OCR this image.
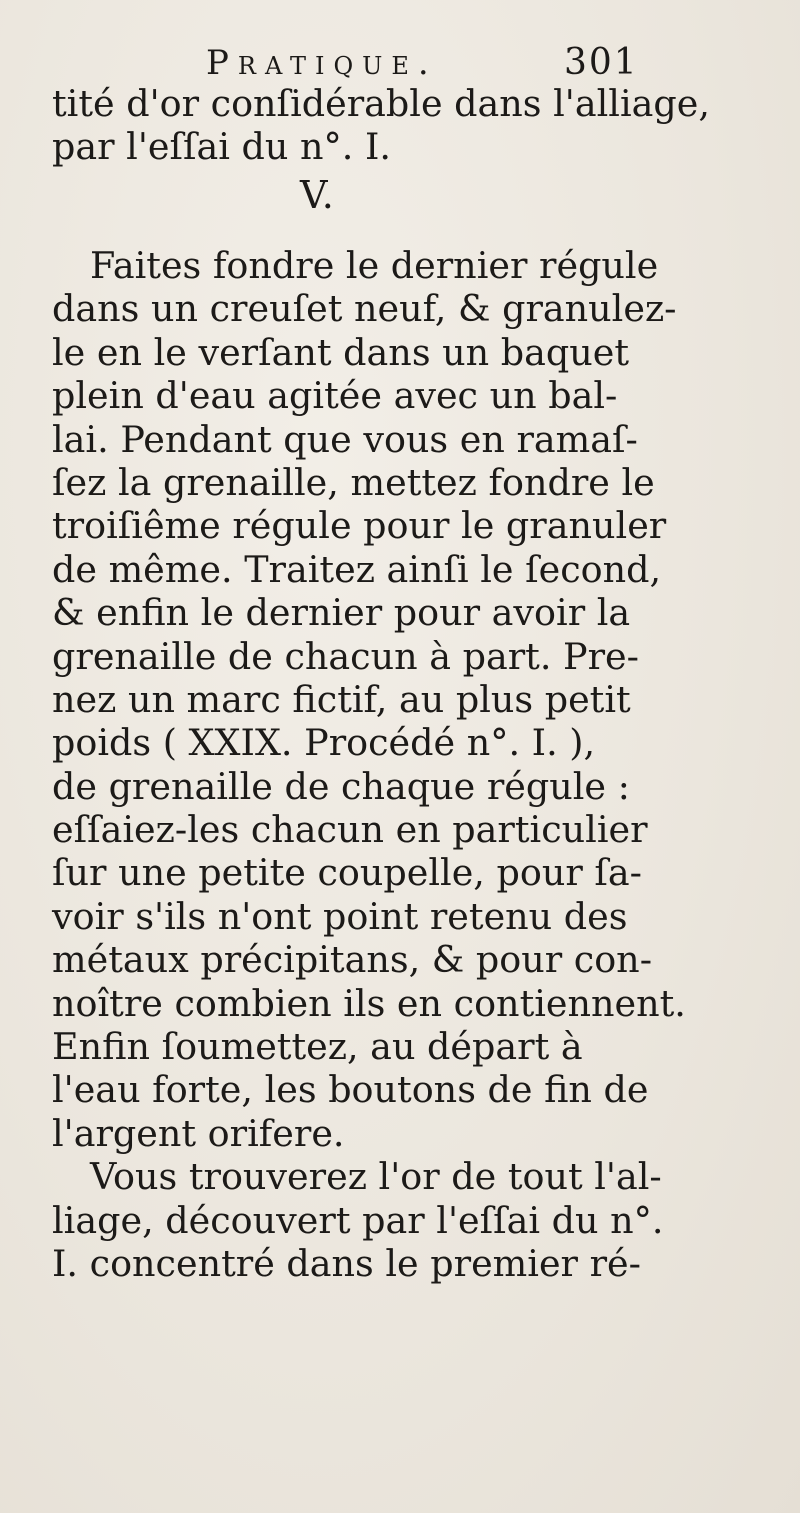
Pratique.	301
tité d'or conſidérable dans l'alliage,
par l'eſſai du n°. I.
V.
Faites fondre le dernier régule
dans un creuſet neuf, & granulez-
le en le verſant dans un baquet
plein d'eau agitée avec un bal-
lai. Pendant que vous en ramaſ-
ſez la grenaille, mettez fondre le
troiſiême régule pour le granuler
de même. Traitez ainſi le ſecond,
& enfin le dernier pour avoir la
grenaille de chacun à part. Pre-
nez un marc fictif, au plus petit
poids ( XXIX. Procédé n°. I. ),
de grenaille de chaque régule :
eſſaiez-les chacun en particulier
ſur une petite coupelle, pour ſa-
voir s'ils n'ont point retenu des
métaux précipitans, & pour con-
noître combien ils en contiennent.
Enfin ſoumettez, au départ à
l'eau forte, les boutons de fin de
l'argent orifere.
Vous trouverez l'or de tout l'al-
liage, découvert par l'eſſai du n°.
I. concentré dans le premier ré-
